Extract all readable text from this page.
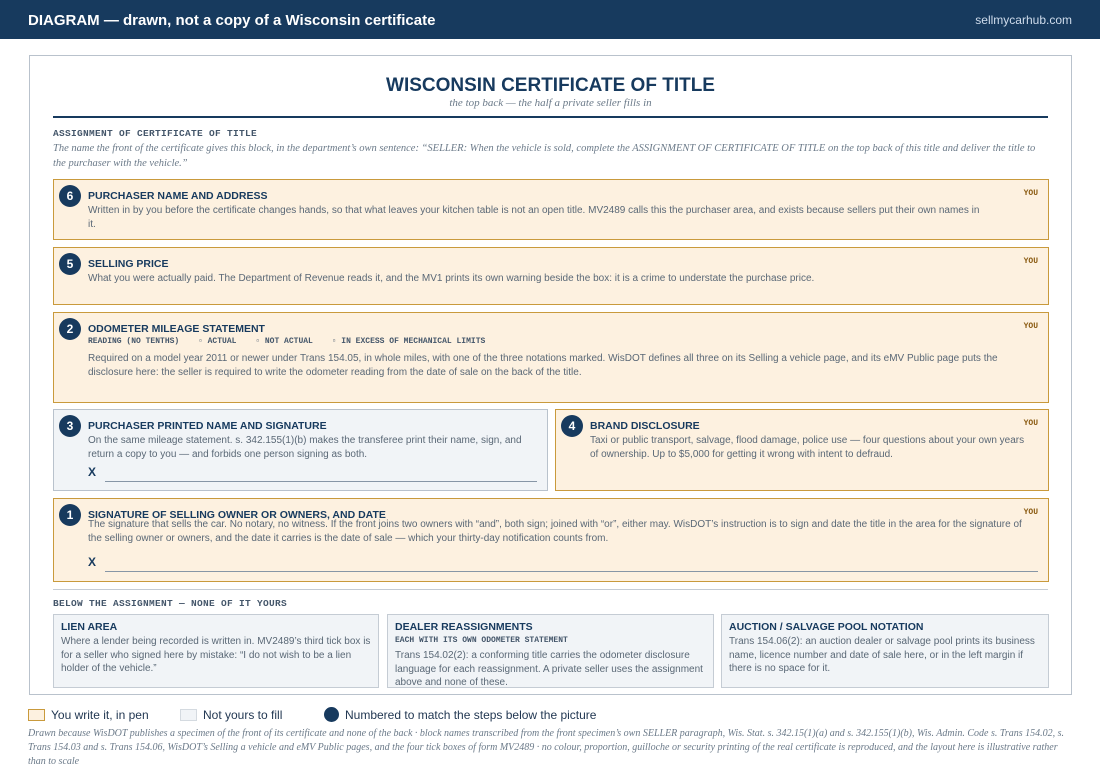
DIAGRAM — drawn, not a copy of a Wisconsin certificate	sellmycarhub.com
WISCONSIN CERTIFICATE OF TITLE
the top back — the half a private seller fills in
ASSIGNMENT OF CERTIFICATE OF TITLE
The name the front of the certificate gives this block, in the department’s own sentence: “SELLER: When the vehicle is sold, complete the ASSIGNMENT OF CERTIFICATE OF TITLE on the top back of this title and deliver the title to the purchaser with the vehicle.”
6	PURCHASER NAME AND ADDRESS
Written in by you before the certificate changes hands, so that what leaves your kitchen table is not an open title. MV2489 calls this the purchaser area, and exists because sellers put their own names in it.
YOU
5	SELLING PRICE
What you were actually paid. The Department of Revenue reads it, and the MV1 prints its own warning beside the box: it is a crime to understate the purchase price.
YOU
2	ODOMETER MILEAGE STATEMENT
READING (NO TENTHS) ▫ ACTUAL ▫ NOT ACTUAL ▫ IN EXCESS OF MECHANICAL LIMITS
Required on a model year 2011 or newer under Trans 154.05, in whole miles, with one of the three notations marked. WisDOT defines all three on its Selling a vehicle page, and its eMV Public page puts the disclosure here: the seller is required to write the odometer reading from the date of sale on the back of the title.
YOU
3	PURCHASER PRINTED NAME AND SIGNATURE
On the same mileage statement. s. 342.155(1)(b) makes the transferee print their name, sign, and return a copy to you — and forbids one person signing as both.
X
4	BRAND DISCLOSURE
Taxi or public transport, salvage, flood damage, police use — four questions about your own years of ownership. Up to $5,000 for getting it wrong with intent to defraud.
YOU
1	SIGNATURE OF SELLING OWNER OR OWNERS, AND DATE
The signature that sells the car. No notary, no witness. If the front joins two owners with “and”, both sign; joined with “or”, either may. WisDOT’s instruction is to sign and date the title in the area for the signature of the selling owner or owners, and the date it carries is the date of sale — which your thirty-day notification counts from.
YOU
X
BELOW THE ASSIGNMENT — NONE OF IT YOURS
LIEN AREA
Where a lender being recorded is written in. MV2489’s third tick box is for a seller who signed here by mistake: “I do not wish to be a lien holder of the vehicle.”
DEALER REASSIGNMENTS
EACH WITH ITS OWN ODOMETER STATEMENT
Trans 154.02(2): a conforming title carries the odometer disclosure language for each reassignment. A private seller uses the assignment above and none of these.
AUCTION / SALVAGE POOL NOTATION
Trans 154.06(2): an auction dealer or salvage pool prints its business name, licence number and date of sale here, or in the left margin if there is no space for it.
You write it, in pen	Not yours to fill	Numbered to match the steps below the picture
Drawn because WisDOT publishes a specimen of the front of its certificate and none of the back · block names transcribed from the front specimen’s own SELLER paragraph, Wis. Stat. s. 342.15(1)(a) and s. 342.155(1)(b), Wis. Admin. Code s. Trans 154.02, s. Trans 154.03 and s. Trans 154.06, WisDOT’s Selling a vehicle and eMV Public pages, and the four tick boxes of form MV2489 · no colour, proportion, guilloche or security printing of the real certificate is reproduced, and the layout here is illustrative rather than to scale
